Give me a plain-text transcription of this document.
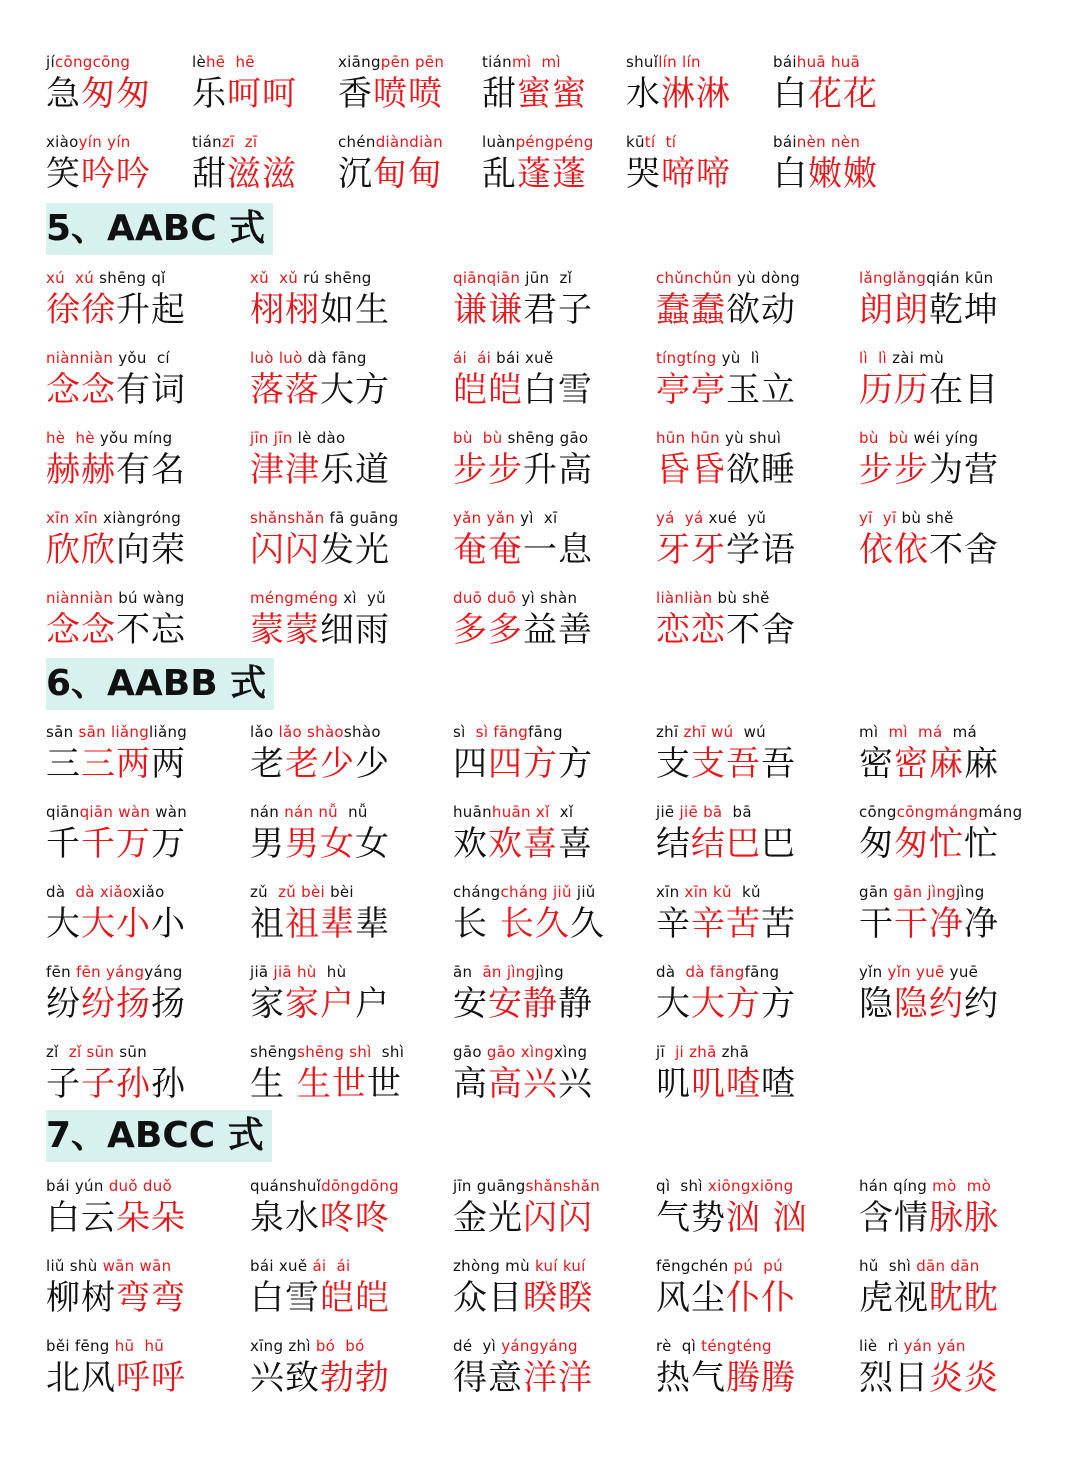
jícōngcōng
急匆匆
lèhē  hē
乐呵呵
xiāngpēn pēn
香喷喷
tiánmì  mì
甜蜜蜜
shuǐlín lín
水淋淋
báihuā huā
白花花
xiàoyín yín
笑吟吟
tiánzī  zī
甜滋滋
chéndiàndiàn
沉甸甸
luànpéngpéng
乱蓬蓬
kūtí  tí
哭啼啼
báinèn nèn
白嫩嫩
5、AABC 式
xú  xú shēng qǐ
徐徐升起
xǔ  xǔ rú shēng
栩栩如生
qiānqiān jūn  zǐ
谦谦君子
chǔnchǔn yù dòng
蠢蠢欲动
lǎnglǎngqián kūn
朗朗乾坤
niànniàn yǒu  cí
念念有词
luò luò dà fāng
落落大方
ái  ái bái xuě
皑皑白雪
tíngtíng yù  lì
亭亭玉立
lì  lì zài mù
历历在目
hè  hè yǒu míng
赫赫有名
jīn jīn lè dào
津津乐道
bù  bù shēng gāo
步步升高
hūn hūn yù shuì
昏昏欲睡
bù  bù wéi yíng
步步为营
xīn xīn xiàngróng
欣欣向荣
shǎnshǎn fā guāng
闪闪发光
yǎn yǎn yì  xī
奄奄一息
yá  yá xué  yǔ
牙牙学语
yī  yī bù shě
依依不舍
niànniàn bú wàng
念念不忘
méngméng xì  yǔ
蒙蒙细雨
duō duō yì shàn
多多益善
liànliàn bù shě
恋恋不舍
6、AABB 式
sān sān liǎngliǎng
三三两两
lǎo lǎo shàoshào
老老少少
sì  sì fāngfāng
四四方方
zhī zhī wú  wú
支支吾吾
mì  mì  má  má
密密麻麻
qiānqiān wàn wàn
千千万万
nán nán nǚ  nǚ
男男女女
huānhuān xǐ  xǐ
欢欢喜喜
jiē jiē bā  bā
结结巴巴
cōngcōngmángmáng
匆匆忙忙
dà  dà xiǎoxiǎo
大大小小
zǔ  zǔ bèi bèi
祖祖辈辈
chángcháng jiǔ jiǔ
长 长久久
xīn xīn kǔ  kǔ
辛辛苦苦
gān gān jìngjìng
干干净净
fēn fēn yángyáng
纷纷扬扬
jiā jiā hù  hù
家家户户
ān  ān jìngjìng
安安静静
dà  dà fāngfāng
大大方方
yǐn yǐn yuē yuē
隐隐约约
zǐ  zǐ sūn sūn
子子孙孙
shēngshēng shì  shì
生 生世世
gāo gāo xìngxìng
高高兴兴
jī  ji zhā zhā
叽叽喳喳
7、ABCC 式
bái yún duǒ duǒ
白云朵朵
quánshuǐdōngdōng
泉水咚咚
jīn guāngshǎnshǎn
金光闪闪
qì  shì xiōngxiōng
气势汹 汹
hán qíng mò  mò
含情脉脉
liǔ shù wān wān
柳树弯弯
bái xuě ái  ái
白雪皑皑
zhòng mù kuí kuí
众目睽睽
fēngchén pú  pú
风尘仆仆
hǔ  shì dān dān
虎视眈眈
běi fēng hū  hū
北风呼呼
xīng zhì bó  bó
兴致勃勃
dé  yì yángyáng
得意洋洋
rè  qì téngténg
热气腾腾
liè  rì yán yán
烈日炎炎
